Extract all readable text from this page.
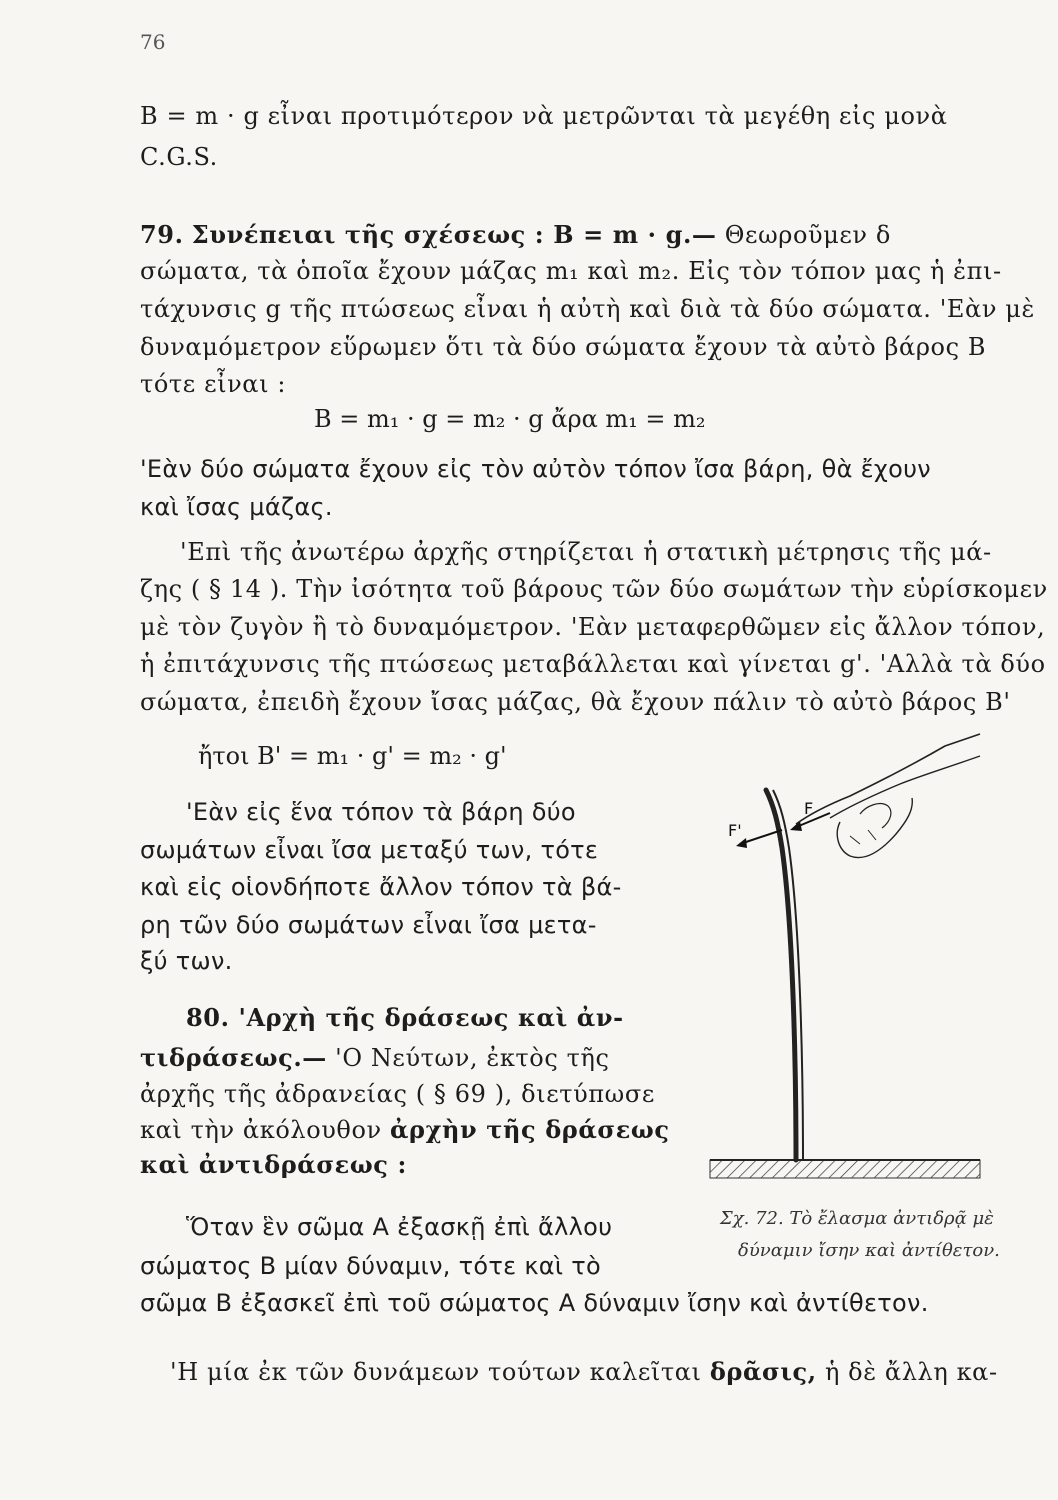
76
B = m · g εἶναι προτιμότερον νὰ μετρῶνται τὰ μεγέθη εἰς μονὰ
C.G.S.
79. Συνέπειαι τῆς σχέσεως : B = m · g.— Θεωροῦμεν δ
σώματα, τὰ ὁποῖα ἔχουν μάζας m₁ καὶ m₂. Εἰς τὸν τόπον μας ἡ ἐπι-
τάχυνσις g τῆς πτώσεως εἶναι ἡ αὐτὴ καὶ διὰ τὰ δύο σώματα. 'Εὰν μὲ
δυναμόμετρον εὕρωμεν ὅτι τὰ δύο σώματα ἔχουν τὰ αὐτὸ βάρος B
τότε εἶναι :
B = m₁ · g = m₂ · g ἄρα m₁ = m₂
'Εὰν δύο σώματα ἔχουν εἰς τὸν αὐτὸν τόπον ἴσα βάρη, θὰ ἔχουν
καὶ ἴσας μάζας.
'Επὶ τῆς ἀνωτέρω ἀρχῆς στηρίζεται ἡ στατικὴ μέτρησις τῆς μά-
ζης ( § 14 ). Τὴν ἰσότητα τοῦ βάρους τῶν δύο σωμάτων τὴν εὑρίσκομεν
μὲ τὸν ζυγὸν ἢ τὸ δυναμόμετρον. 'Εὰν μεταφερθῶμεν εἰς ἄλλον τόπον,
ἡ ἐπιτάχυνσις τῆς πτώσεως μεταβάλλεται καὶ γίνεται g'. 'Αλλὰ τὰ δύο
σώματα, ἐπειδὴ ἔχουν ἴσας μάζας, θὰ ἔχουν πάλιν τὸ αὐτὸ βάρος B'
ἤτοι B' = m₁ · g' = m₂ · g'
'Εὰν εἰς ἕνα τόπον τὰ βάρη δύο
σωμάτων εἶναι ἴσα μεταξύ των, τότε
καὶ εἰς οἱονδήποτε ἄλλον τόπον τὰ βά-
ρη τῶν δύο σωμάτων εἶναι ἴσα μετα-
ξύ των.
80. 'Αρχὴ τῆς δράσεως καὶ ἀν-
τιδράσεως.— 'Ο Νεύτων, ἐκτὸς τῆς
ἀρχῆς τῆς ἀδρανείας ( § 69 ), διετύπωσε
καὶ τὴν ἀκόλουθον ἀρχὴν τῆς δράσεως
καὶ ἀντιδράσεως :
Ὅταν ἓν σῶμα Α ἐξασκῇ ἐπὶ ἄλλου
σώματος Β μίαν δύναμιν, τότε καὶ τὸ
σῶμα Β ἐξασκεῖ ἐπὶ τοῦ σώματος Α δύναμιν ἴσην καὶ ἀντίθετον.
'Η μία ἐκ τῶν δυνάμεων τούτων καλεῖται δρᾶσις, ἡ δὲ ἄλλη κα-
F
F'
Σχ. 72. Τὸ ἔλασμα ἀντιδρᾷ μὲ
δύναμιν ἴσην καὶ ἀντίθετον.
